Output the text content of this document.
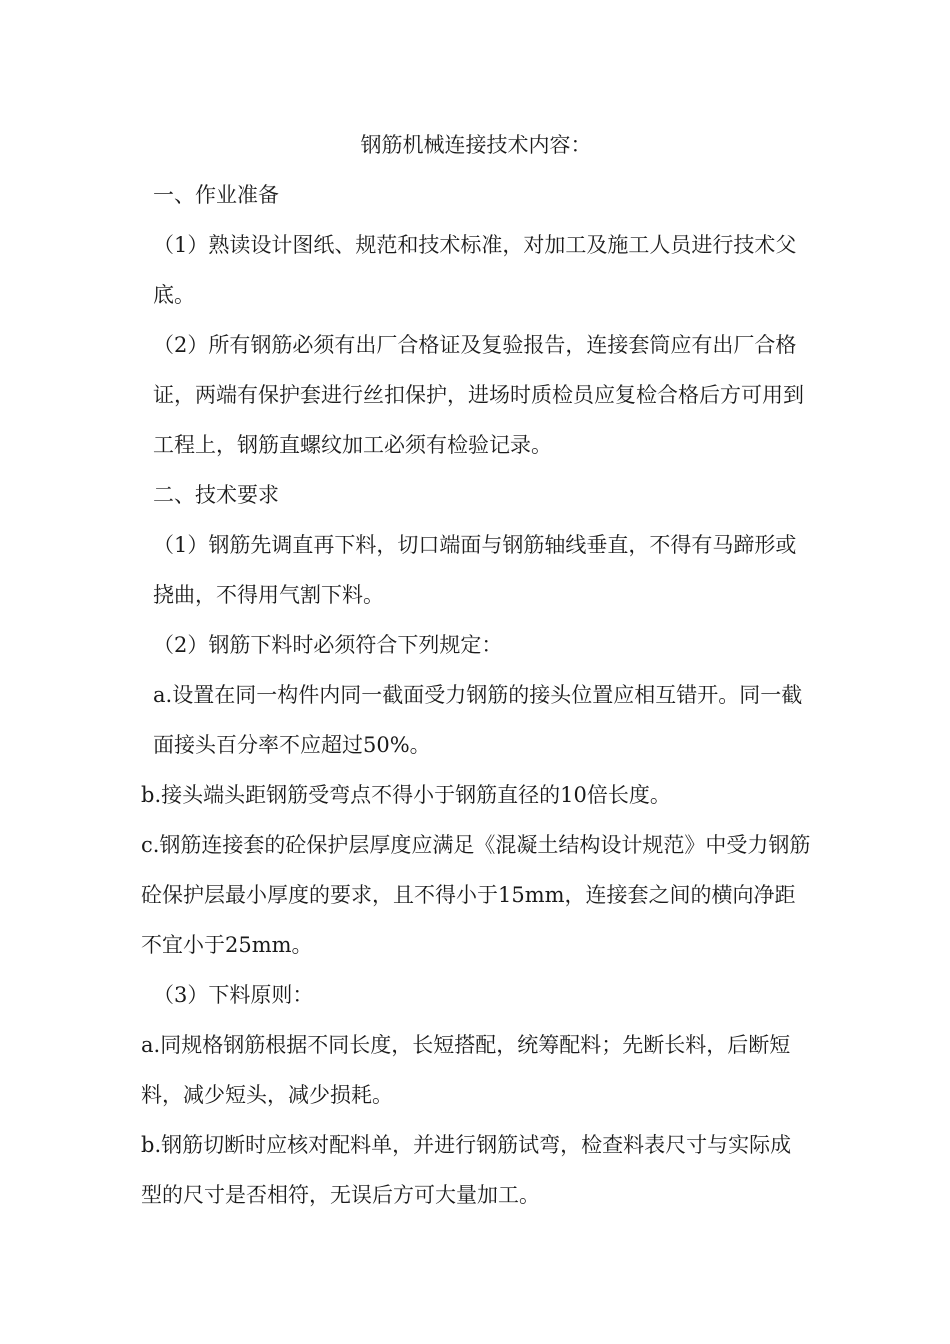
钢筋机械连接技术内容：

一、作业准备

（1）熟读设计图纸、规范和技术标准，对加工及施工人员进行技术父底。

（2）所有钢筋必须有出厂合格证及复验报告，连接套筒应有出厂合格证，两端有保护套进行丝扣保护，进场时质检员应复检合格后方可用到工程上，钢筋直螺纹加工必须有检验记录。

二、技术要求

（1）钢筋先调直再下料，切口端面与钢筋轴线垂直，不得有马蹄形或挠曲，不得用气割下料。

（2）钢筋下料时必须符合下列规定：

a.设置在同一构件内同一截面受力钢筋的接头位置应相互错开。同一截面接头百分率不应超过50%。

b.接头端头距钢筋受弯点不得小于钢筋直径的10倍长度。

c.钢筋连接套的砼保护层厚度应满足《混凝土结构设计规范》中受力钢筋砼保护层最小厚度的要求，且不得小于15mm，连接套之间的横向净距不宜小于25mm。

（3）下料原则：

a.同规格钢筋根据不同长度，长短搭配，统筹配料；先断长料，后断短料，减少短头，减少损耗。

b.钢筋切断时应核对配料单，并进行钢筋试弯，检查料表尺寸与实际成型的尺寸是否相符，无误后方可大量加工。
